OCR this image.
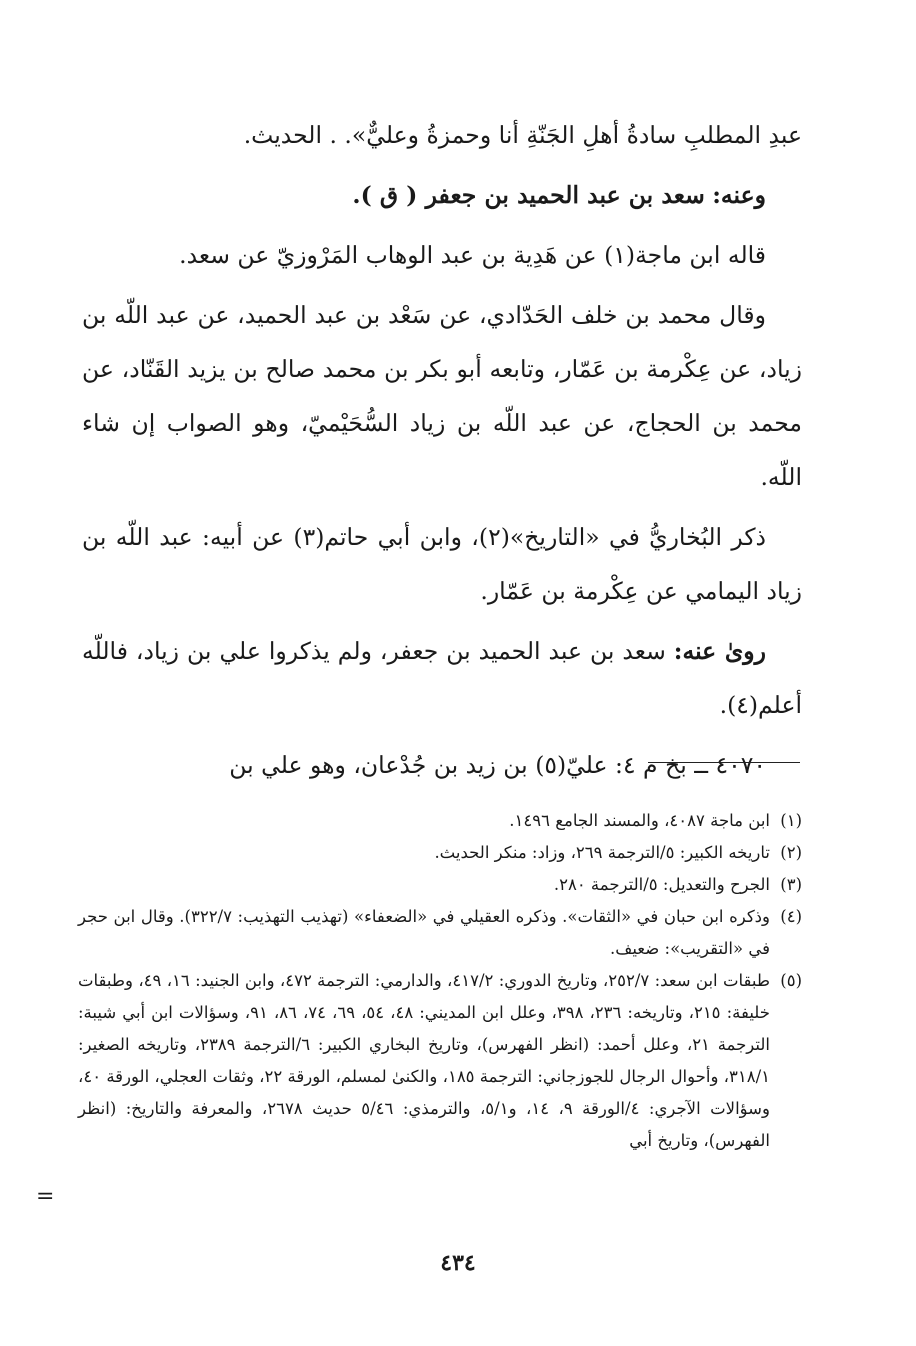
عبدِ المطلبِ سادةُ أهلِ الجَنّةِ أنا وحمزةُ وعليٌّ». . الحديث.

وعنه: سعد بن عبد الحميد بن جعفر ( ق ).

قاله ابن ماجة(١) عن هَدِية بن عبد الوهاب المَرْوزيّ عن سعد.

وقال محمد بن خلف الحَدّادي، عن سَعْد بن عبد الحميد، عن عبد اللّه بن زياد، عن عِكْرمة بن عَمّار، وتابعه أبو بكر بن محمد صالح بن يزيد القَنّاد، عن محمد بن الحجاج، عن عبد اللّه بن زياد السُّحَيْميّ، وهو الصواب إن شاء اللّه.

ذكر البُخاريُّ في «التاريخ»(٢)، وابن أبي حاتم(٣) عن أبيه: عبد اللّه بن زياد اليمامي عن عِكْرمة بن عَمّار.

روىٰ عنه: سعد بن عبد الحميد بن جعفر، ولم يذكروا علي بن زياد، فاللّه أعلم(٤).

٤٠٧٠ ــ بخ م ٤: عليّ(٥) بن زيد بن جُدْعان، وهو علي بن

(١)ابن ماجة ٤٠٨٧، والمسند الجامع ١٤٩٦.

(٢)تاريخه الكبير: ٥/الترجمة ٢٦٩، وزاد: منكر الحديث.

(٣)الجرح والتعديل: ٥/الترجمة ٢٨٠.

(٤)وذكره ابن حبان في «الثقات». وذكره العقيلي في «الضعفاء» (تهذيب التهذيب: ٣٢٢/٧). وقال ابن حجر في «التقريب»: ضعيف.

(٥)طبقات ابن سعد: ٢٥٢/٧، وتاريخ الدوري: ٤١٧/٢، والدارمي: الترجمة ٤٧٢، وابن الجنيد: ١٦، ٤٩، وطبقات خليفة: ٢١٥، وتاريخه: ٢٣٦، ٣٩٨، وعلل ابن المديني: ٤٨، ٥٤، ٦٩، ٧٤، ٨٦، ٩١، وسؤالات ابن أبي شيبة: الترجمة ٢١، وعلل أحمد: (انظر الفهرس)، وتاريخ البخاري الكبير: ٦/الترجمة ٢٣٨٩، وتاريخه الصغير: ٣١٨/١، وأحوال الرجال للجوزجاني: الترجمة ١٨٥، والكنىٰ لمسلم، الورقة ٢٢، وثقات العجلي، الورقة ٤٠، وسؤالات الآجري: ٤/الورقة ٩، ١٤، و٥/١، والترمذي: ٥/٤٦ حديث ٢٦٧٨، والمعرفة والتاريخ: (انظر الفهرس)، وتاريخ أبي

=
٤٣٤
